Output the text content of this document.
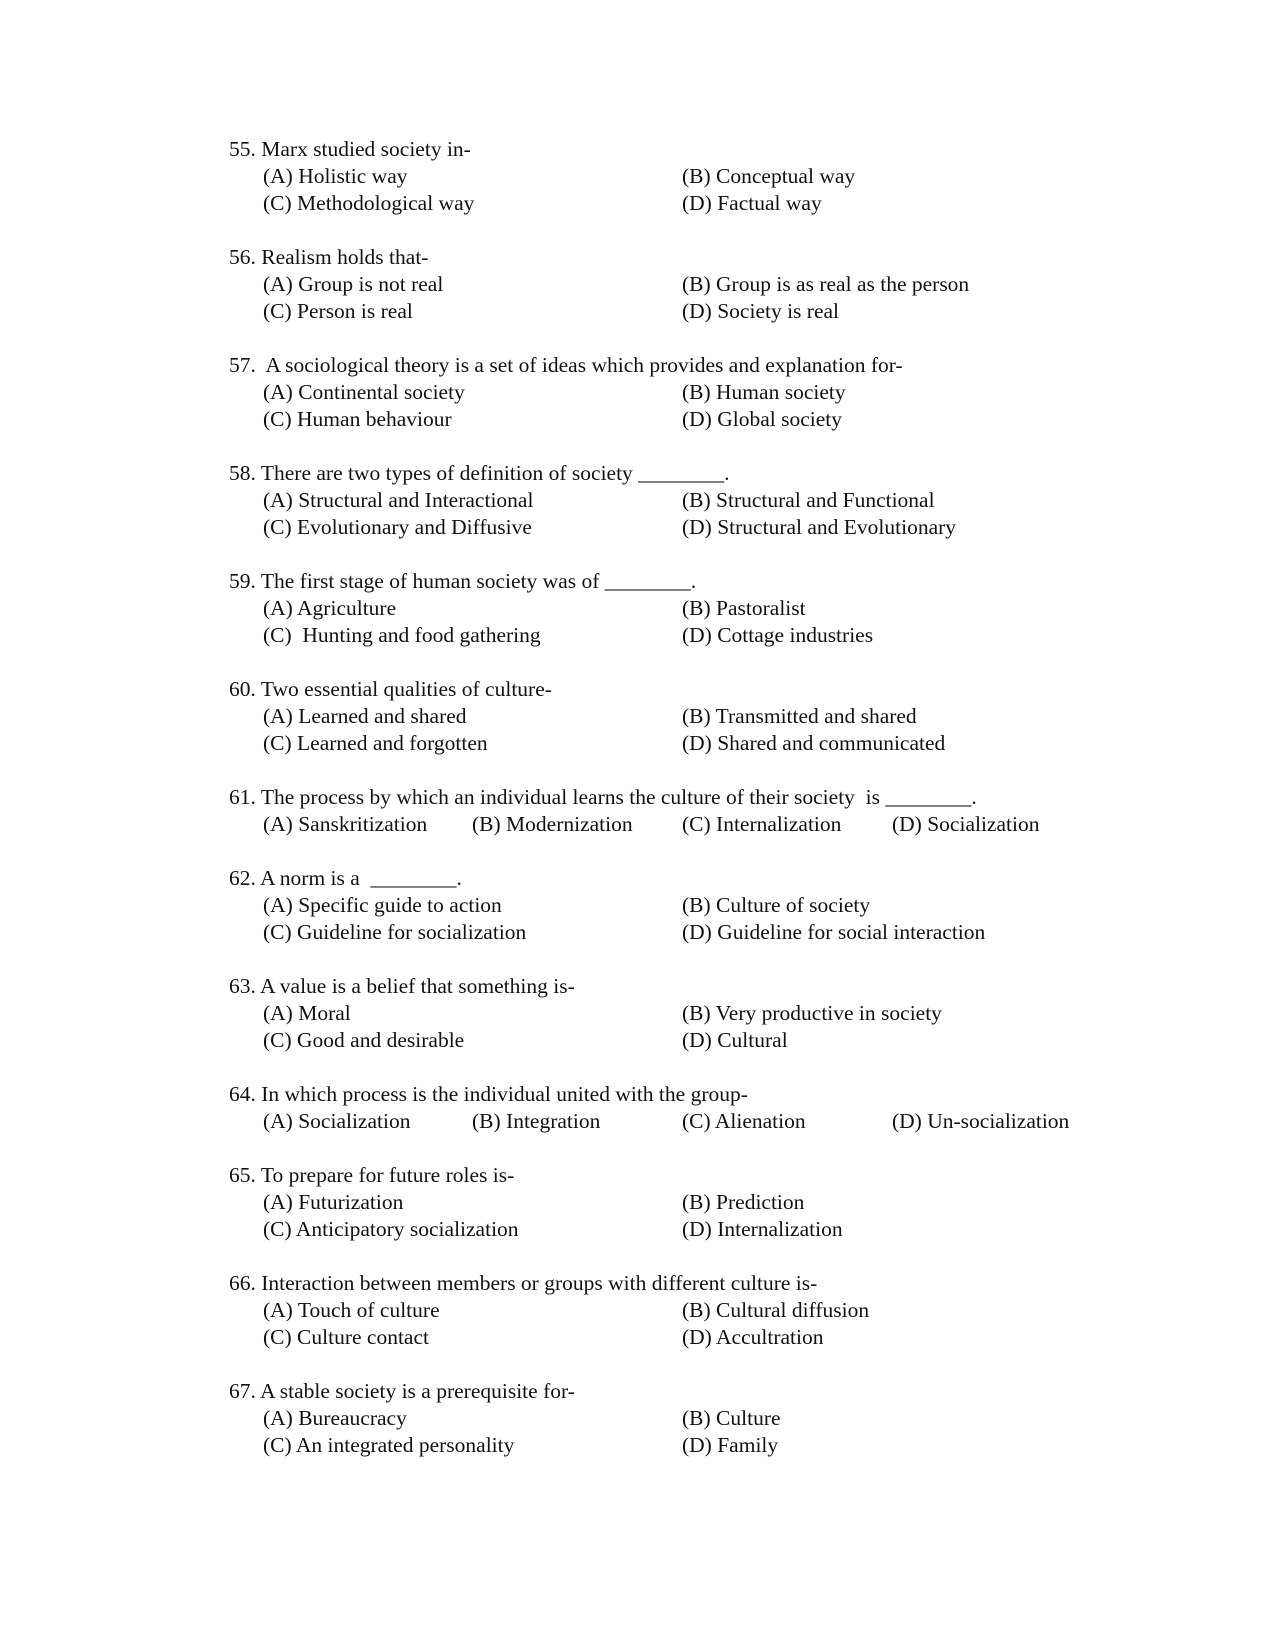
55. Marx studied society in-
(A) Holistic way	(B) Conceptual way
(C) Methodological way	(D) Factual way
56. Realism holds that-
(A) Group is not real	(B) Group is as real as the person
(C) Person is real	(D) Society is real
57.  A sociological theory is a set of ideas which provides and explanation for-
(A) Continental society	(B) Human society
(C) Human behaviour	(D) Global society
58. There are two types of definition of society ________.
(A) Structural and Interactional	(B) Structural and Functional
(C) Evolutionary and Diffusive	(D) Structural and Evolutionary
59. The first stage of human society was of ________.
(A) Agriculture	(B) Pastoralist
(C)  Hunting and food gathering	(D) Cottage industries
60. Two essential qualities of culture-
(A) Learned and shared	(B) Transmitted and shared
(C) Learned and forgotten	(D) Shared and communicated
61. The process by which an individual learns the culture of their society  is ________.
(A) Sanskritization	(B) Modernization	(C) Internalization	(D) Socialization
62. A norm is a  ________.
(A) Specific guide to action	(B) Culture of society
(C) Guideline for socialization	(D) Guideline for social interaction
63. A value is a belief that something is-
(A) Moral	(B) Very productive in society
(C) Good and desirable	(D) Cultural
64. In which process is the individual united with the group-
(A) Socialization	(B) Integration	(C) Alienation	(D) Un-socialization
65. To prepare for future roles is-
(A) Futurization	(B) Prediction
(C) Anticipatory socialization	(D) Internalization
66. Interaction between members or groups with different culture is-
(A) Touch of culture	(B) Cultural diffusion
(C) Culture contact	(D) Accultration
67. A stable society is a prerequisite for-
(A) Bureaucracy	(B) Culture
(C) An integrated personality	(D) Family
